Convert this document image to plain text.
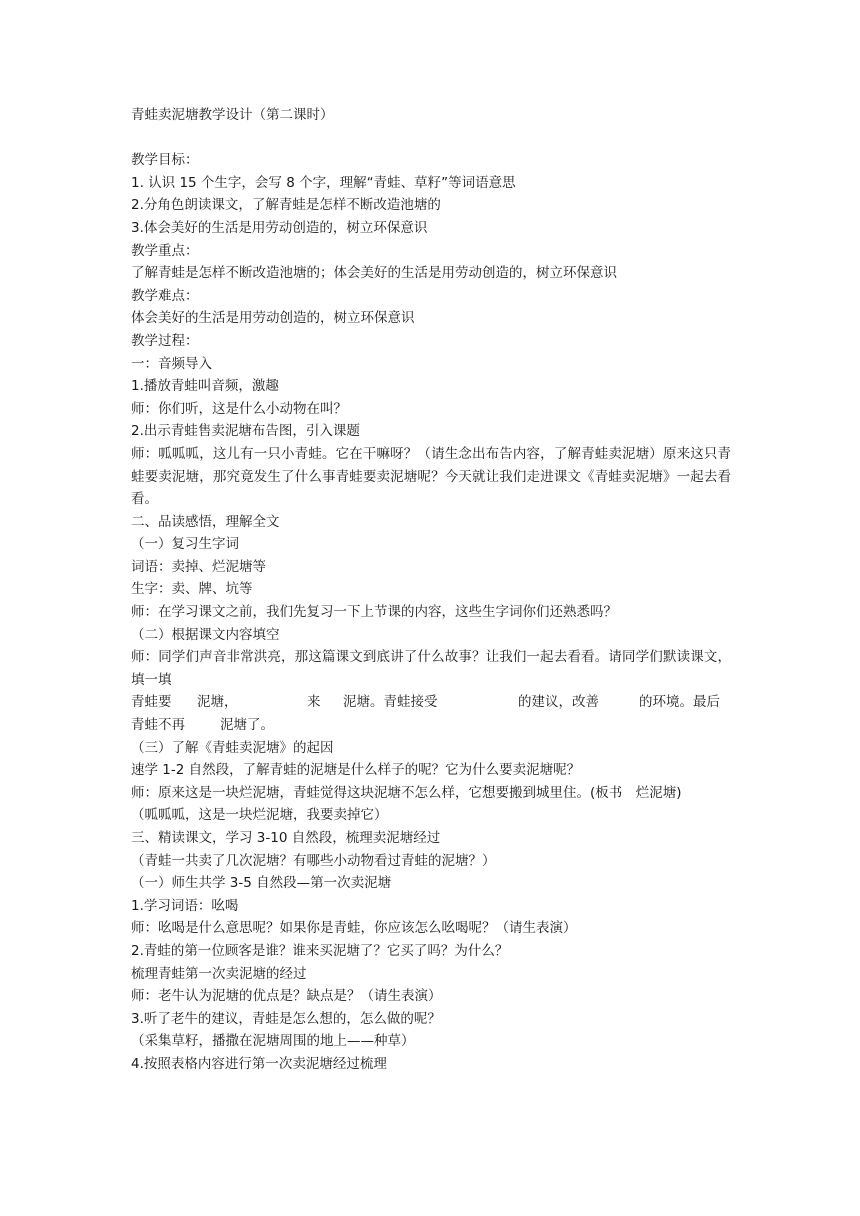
青蛙卖泥塘教学设计（第二课时）
教学目标：
1. 认识 15 个生字，会写 8 个字，理解“青蛙、草籽”等词语意思
2.分角色朗读课文，了解青蛙是怎样不断改造池塘的
3.体会美好的生活是用劳动创造的，树立环保意识
教学重点：
了解青蛙是怎样不断改造池塘的；体会美好的生活是用劳动创造的，树立环保意识
教学难点：
体会美好的生活是用劳动创造的，树立环保意识
教学过程：
一：音频导入
1.播放青蛙叫音频，激趣
师：你们听，这是什么小动物在叫？
2.出示青蛙售卖泥塘布告图，引入课题
师：呱呱呱，这儿有一只小青蛙。它在干嘛呀？（请生念出布告内容，了解青蛙卖泥塘）原来这只青蛙要卖泥塘，那究竟发生了什么事青蛙要卖泥塘呢？今天就让我们走进课文《青蛙卖泥塘》一起去看看。
二、品读感悟，理解全文
（一）复习生字词
词语：卖掉、烂泥塘等
生字：卖、牌、坑等
师：在学习课文之前，我们先复习一下上节课的内容，这些生字词你们还熟悉吗？
（二）根据课文内容填空
师：同学们声音非常洪亮，那这篇课文到底讲了什么故事？让我们一起去看看。请同学们默读课文，填一填
青蛙要 泥塘，	来 泥塘。青蛙接受	的建议，改善	的环境。最后
青蛙不再	泥塘了。
（三）了解《青蛙卖泥塘》的起因
速学 1-2 自然段，了解青蛙的泥塘是什么样子的呢？它为什么要卖泥塘呢？
师：原来这是一块烂泥塘，青蛙觉得这块泥塘不怎么样，它想要搬到城里住。(板书　烂泥塘)
（呱呱呱，这是一块烂泥塘，我要卖掉它）
三、精读课文，学习 3-10 自然段，梳理卖泥塘经过
（青蛙一共卖了几次泥塘？有哪些小动物看过青蛙的泥塘？）
（一）师生共学 3-5 自然段—第一次卖泥塘
1.学习词语：吆喝
师：吆喝是什么意思呢？如果你是青蛙，你应该怎么吆喝呢？（请生表演）
2.青蛙的第一位顾客是谁？谁来买泥塘了？它买了吗？为什么？
梳理青蛙第一次卖泥塘的经过
师：老牛认为泥塘的优点是？缺点是？（请生表演）
3.听了老牛的建议，青蛙是怎么想的，怎么做的呢？
（采集草籽，播撒在泥塘周围的地上——种草）
4.按照表格内容进行第一次卖泥塘经过梳理
